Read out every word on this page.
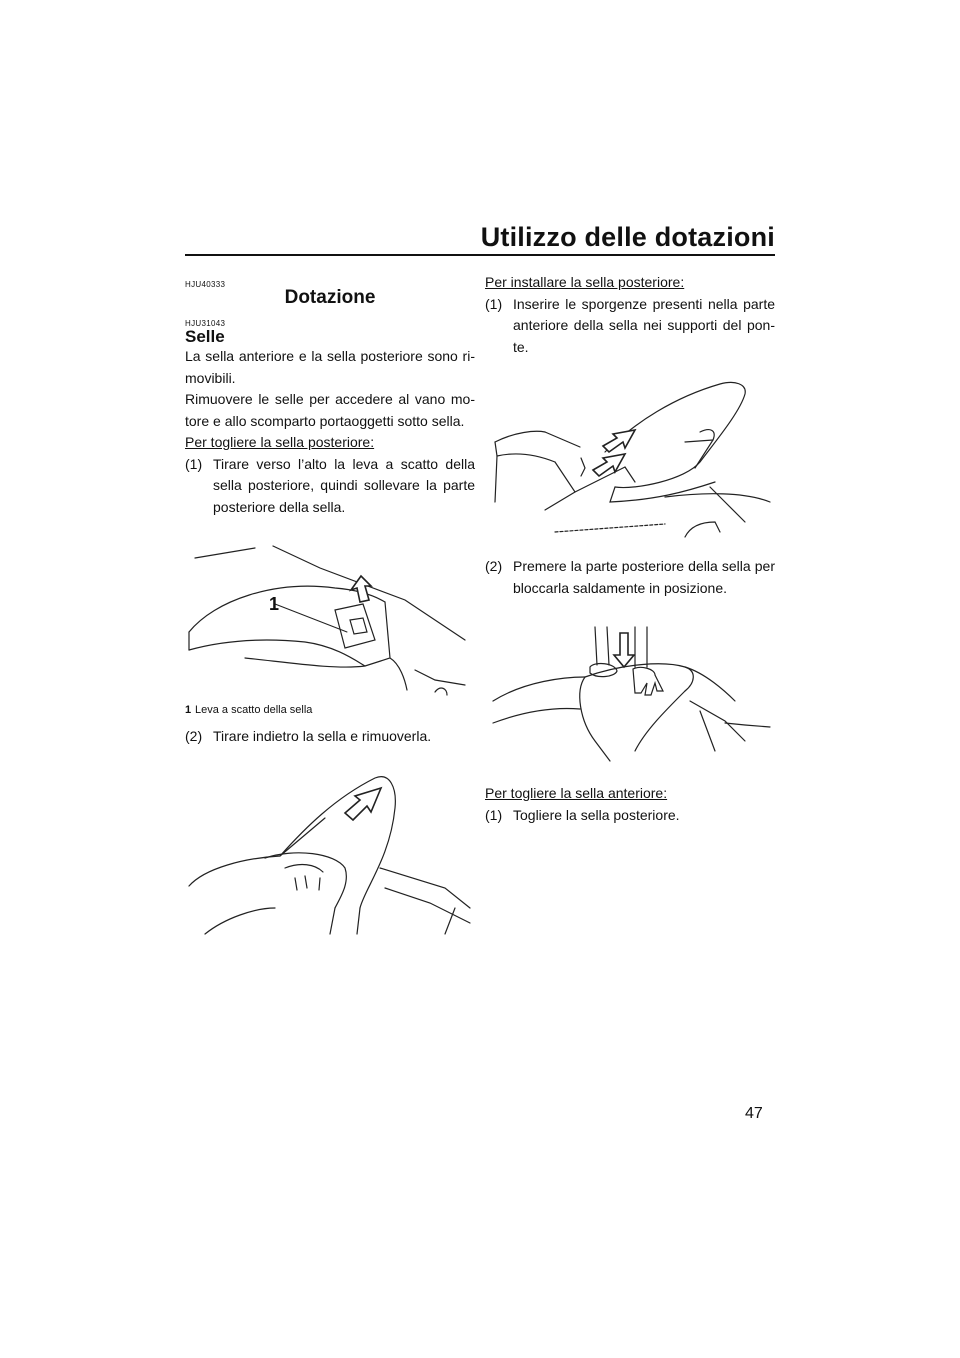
Utilizzo delle dotazioni
HJU40333
Dotazione
HJU31043
Selle

La sella anteriore e la sella posteriore sono ri-movibili.

Rimuovere le selle per accedere al vano mo-tore e allo scomparto portaoggetti sotto sella.

Per togliere la sella posteriore:

(1) Tirare verso l’alto la leva a scatto della sella posteriore, quindi sollevare la parte posteriore della sella.
1
1 Leva a scatto della sella
(2) Tirare indietro la sella e rimuoverla.

Per installare la sella posteriore:

(1) Inserire le sporgenze presenti nella parte anteriore della sella nei supporti del pon-te.
(2) Premere la parte posteriore della sella per bloccarla saldamente in posizione.

Per togliere la sella anteriore:

(1) Togliere la sella posteriore.
47
